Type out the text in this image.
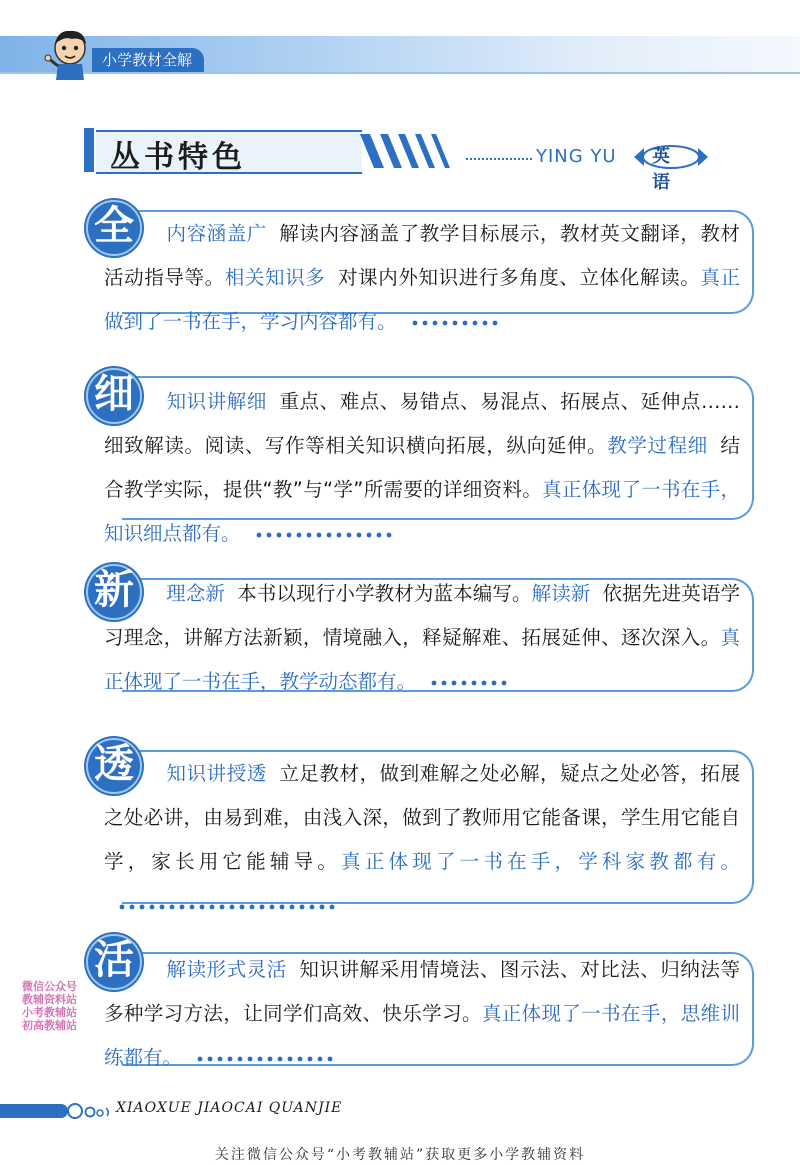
小学教材全解
丛书特色	YING YU 英语
全	内容涵盖广 解读内容涵盖了教学目标展示，教材英文翻译，教材活动指导等。相关知识多 对课内外知识进行多角度、立体化解读。真正做到了一书在手，学习内容都有。
细	知识讲解细 重点、难点、易错点、易混点、拓展点、延伸点……细致解读。阅读、写作等相关知识横向拓展，纵向延伸。教学过程细 结合教学实际，提供“教”与“学”所需要的详细资料。真正体现了一书在手，知识细点都有。
新	理念新 本书以现行小学教材为蓝本编写。解读新 依据先进英语学习理念，讲解方法新颖，情境融入，释疑解难、拓展延伸、逐次深入。真正体现了一书在手，教学动态都有。
透	知识讲授透 立足教材，做到难解之处必解，疑点之处必答，拓展之处必讲，由易到难，由浅入深，做到了教师用它能备课，学生用它能自学，家长用它能辅导。真正体现了一书在手，学科家教都有。
活	解读形式灵活 知识讲解采用情境法、图示法、对比法、归纳法等多种学习方法，让同学们高效、快乐学习。真正体现了一书在手，思维训练都有。
微信公众号
教辅资料站
小考教辅站
初高教辅站
XIAOXUE JIAOCAI QUANJIE
关注微信公众号“小考教辅站”获取更多小学教辅资料
